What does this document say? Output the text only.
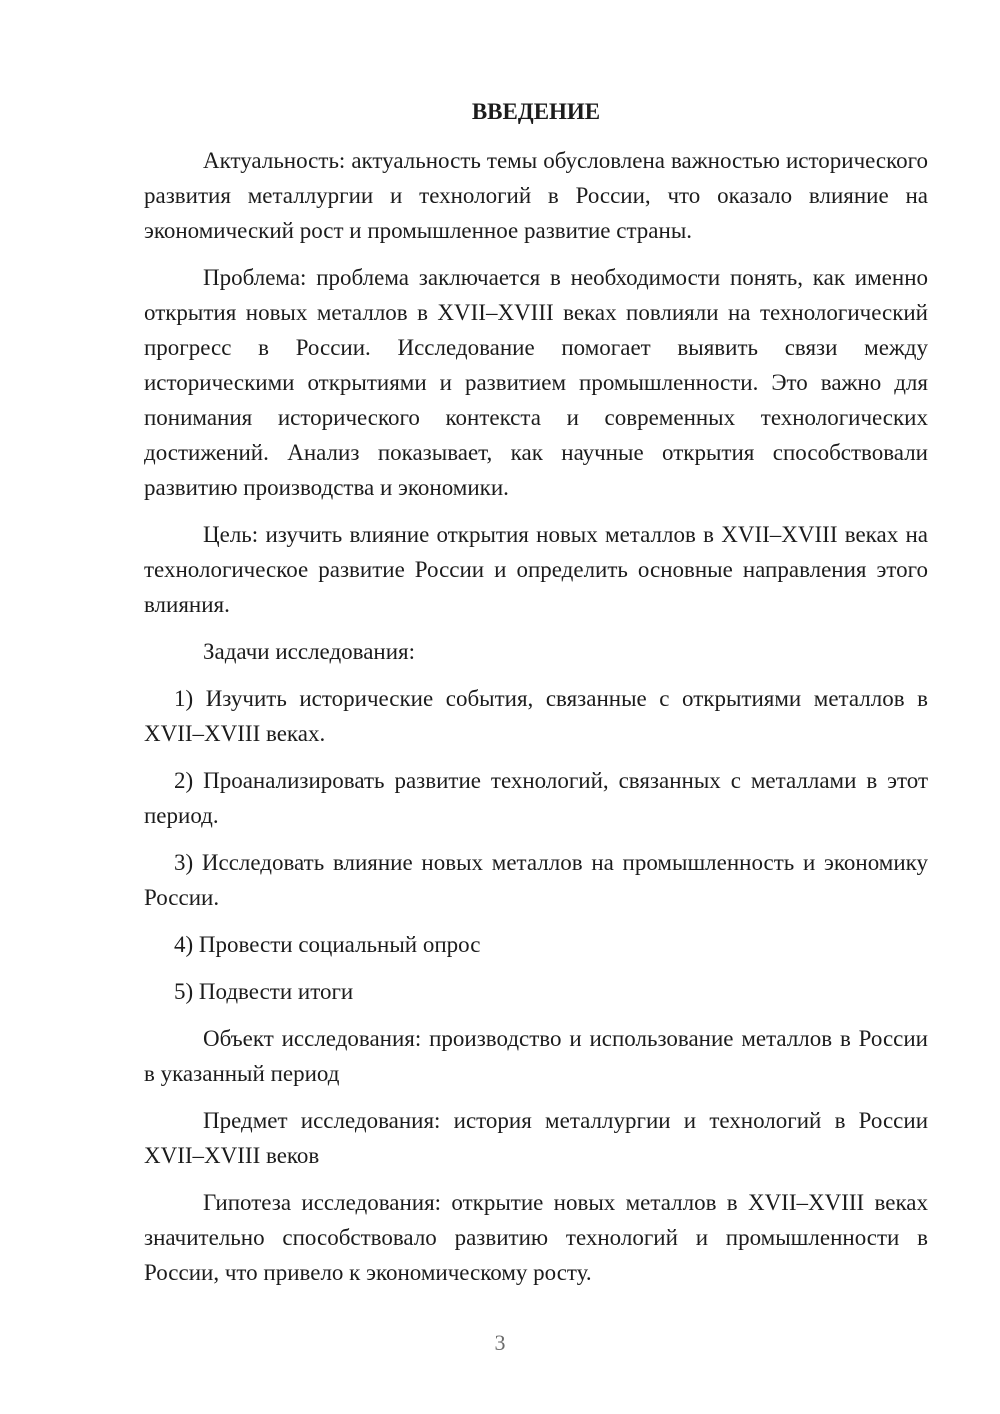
ВВЕДЕНИЕ

Актуальность: актуальность темы обусловлена важностью исторического развития металлургии и технологий в России, что оказало влияние на экономический рост и промышленное развитие страны.

Проблема: проблема заключается в необходимости понять, как именно открытия новых металлов в XVII–XVIII веках повлияли на технологический прогресс в России. Исследование помогает выявить связи между историческими открытиями и развитием промышленности. Это важно для понимания исторического контекста и современных технологических достижений. Анализ показывает, как научные открытия способствовали развитию производства и экономики.

Цель: изучить влияние открытия новых металлов в XVII–XVIII веках на технологическое развитие России и определить основные направления этого влияния.

Задачи исследования:

1) Изучить исторические события, связанные с открытиями металлов в XVII–XVIII веках.

2) Проанализировать развитие технологий, связанных с металлами в этот период.

3) Исследовать влияние новых металлов на промышленность и экономику России.

4) Провести социальный опрос

5) Подвести итоги

Объект исследования: производство и использование металлов в России в указанный период

Предмет исследования: история металлургии и технологий в России XVII–XVIII веков

Гипотеза исследования: открытие новых металлов в XVII–XVIII веках значительно способствовало развитию технологий и промышленности в России, что привело к экономическому росту.

3
